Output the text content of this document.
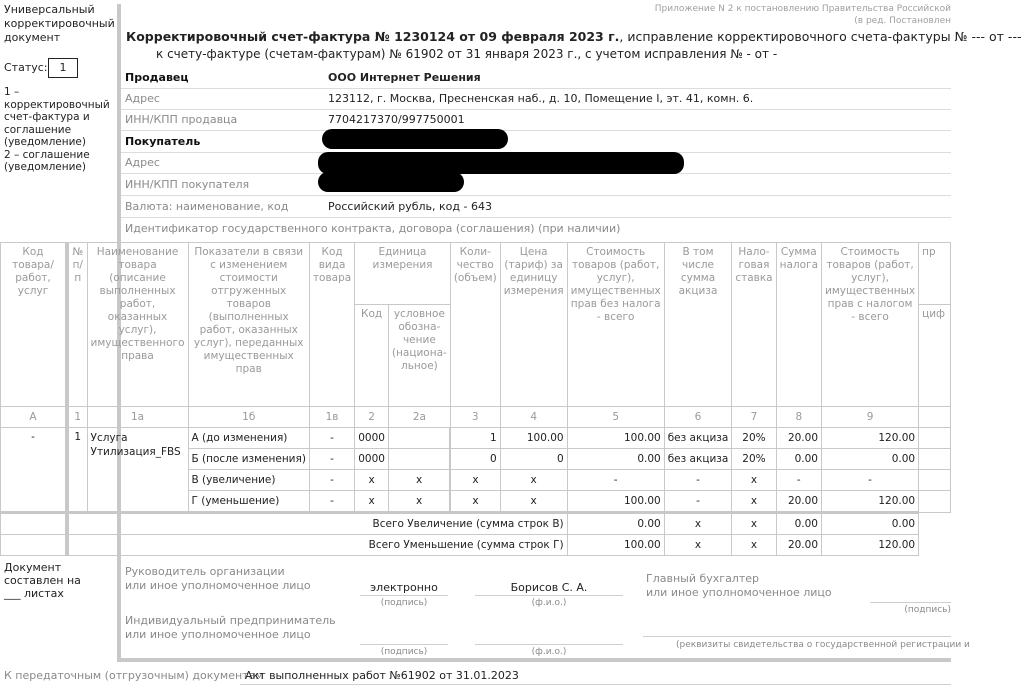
Универсальный корректировочный документ
Статус:	1
1 – корректировочный
счет-фактура и
соглашение
(уведомление)
2 – соглашение
(уведомление)
Приложение N 2 к постановлению Правительства Российской
(в ред. Постановлен
Корректировочный счет-фактура № 1230124 от 09 февраля 2023 г., исправление корректировочного счета-фактуры № --- от ---
к счету-фактуре (счетам-фактурам) № 61902 от 31 января 2023 г., с учетом исправления № - от -
Продавец	ООО Интернет Решения
Адрес	123112, г. Москва, Пресненская наб., д. 10, Помещение I, эт. 41, комн. 6.
ИНН/КПП продавца	7704217370/997750001
Покупатель
Адрес
ИНН/КПП покупателя
Валюта: наименование, код	Российский рубль, код - 643
Идентификатор государственного контракта, договора (соглашения) (при наличии)
Код товара/ работ, услуг	№ п/ п	Наименование товара (описание выполненных работ, оказанных услуг), имущественного права	Показатели в связи с изменением стоимости отгруженных товаров (выполненных работ, оказанных услуг), переданных имущественных прав	Код вида товара	Единица измерения	Коли- чество (объем)	Цена (тариф) за единицу измерения	Стоимость товаров (работ, услуг), имущественных прав без налога - всего	В том числе сумма акциза	Нало- говая ставка	Сумма налога	Стоимость товаров (работ, услуг), имущественных прав с налогом - всего	пр
Код	условное обозна- чение (национа- льное)	циф
А	1	1а	1б	1в	2	2а	3	4	5	6	7	8	9	
-	1	Услуга Утилизация_FBS	А (до изменения)	-	0000		1	100.00	100.00	без акциза	20%	20.00	120.00	
Б (после изменения)	-	0000		0	0	0.00	без акциза	20%	0.00	0.00	
В (увеличение)	-	x	x	x	x	-	-	x	-	-	
Г (уменьшение)	-	x	x	x	x	100.00	-	x	20.00	120.00	
	Всего Увеличение (сумма строк В)	0.00	x	x	0.00	0.00	
	Всего Уменьшение (сумма строк Г)	100.00	x	x	20.00	120.00	
Документ
составлен на
___ листах
Руководитель организации
или иное уполномоченное лицо	электронно
(подпись)
Борисов С. А.
(ф.и.о.)
Главный бухгалтер
или иное уполномоченное лицо
(подпись)
Индивидуальный предприниматель
или иное уполномоченное лицо
(подпись)	(ф.и.о.)
(реквизиты свидетельства о государственной регистрации и
К передаточным (отгрузочным) документам
Акт выполненных работ №61902 от 31.01.2023
